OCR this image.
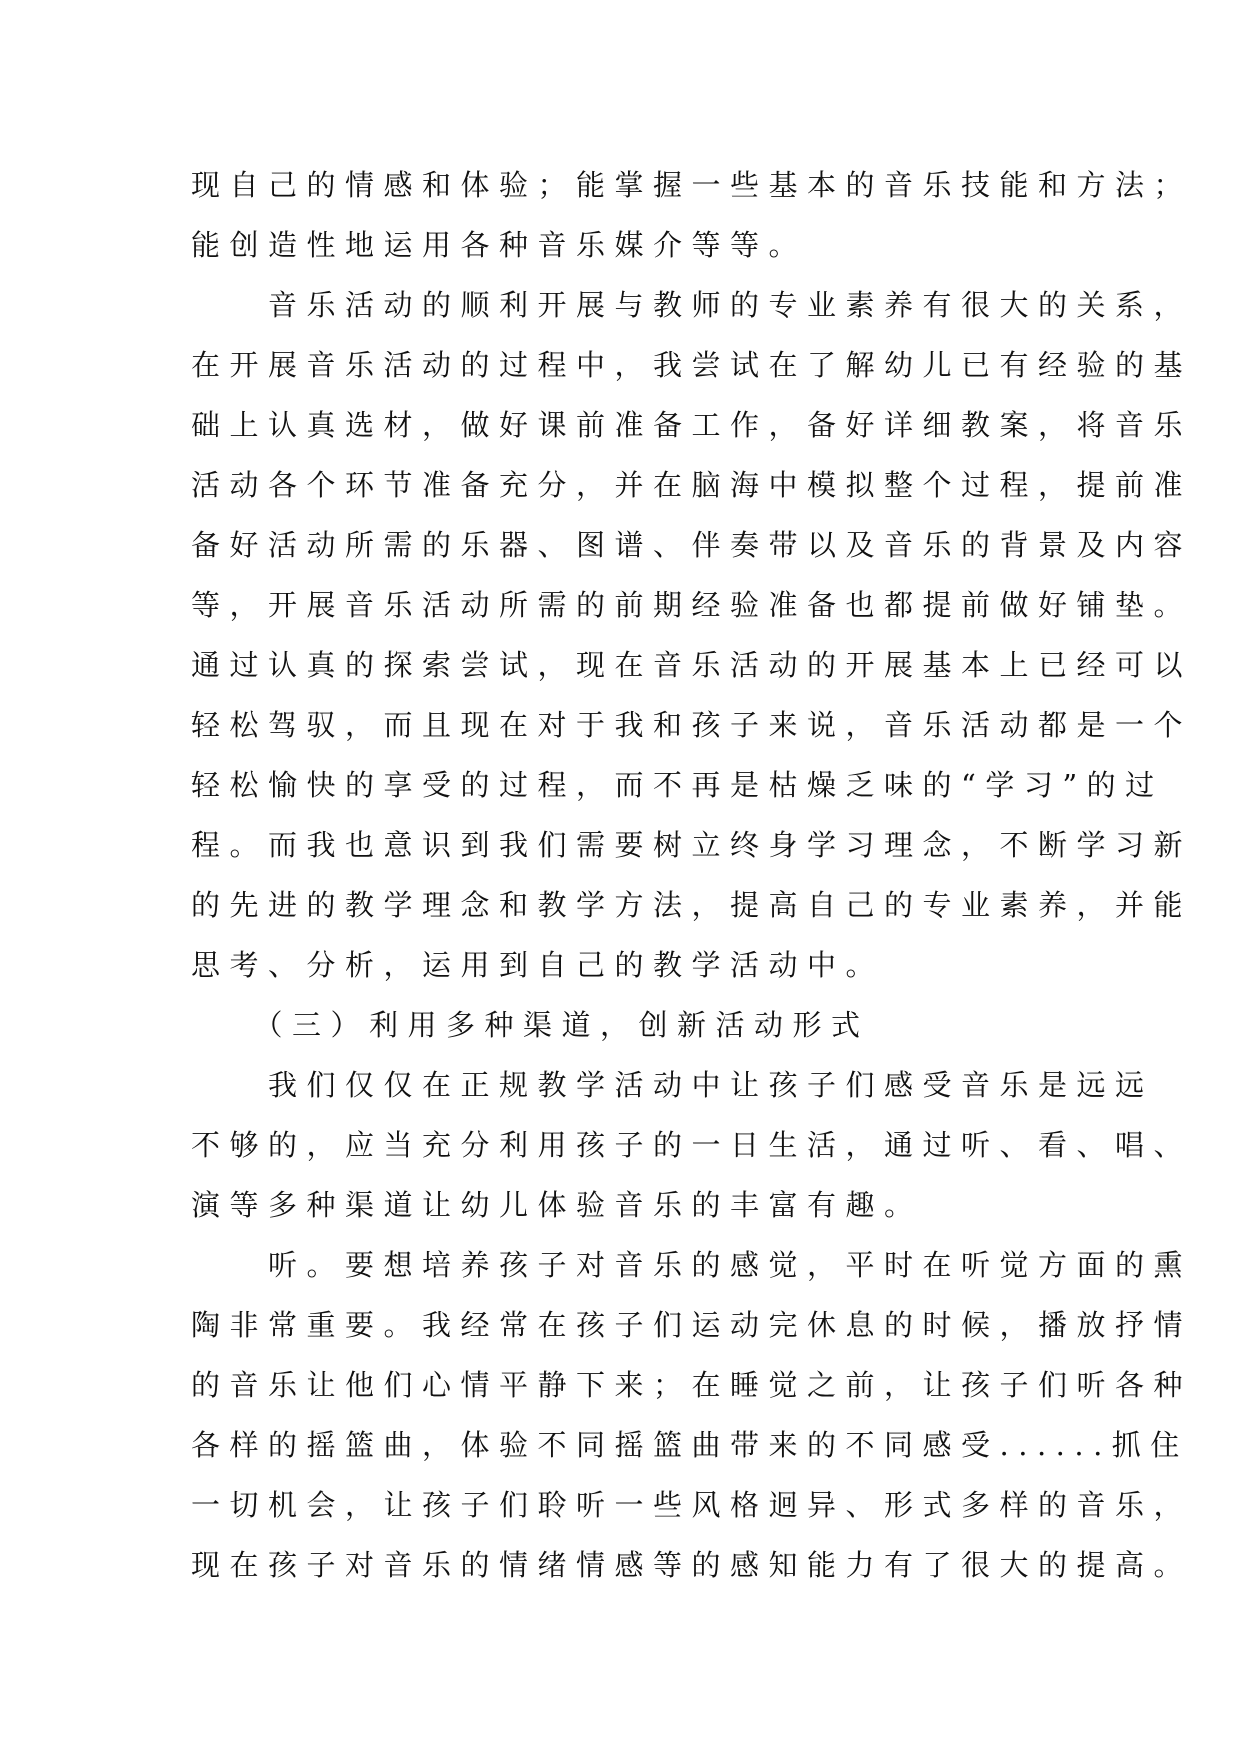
现自己的情感和体验；能掌握一些基本的音乐技能和方法；
能创造性地运用各种音乐媒介等等。
　　音乐活动的顺利开展与教师的专业素养有很大的关系，
在开展音乐活动的过程中，我尝试在了解幼儿已有经验的基
础上认真选材，做好课前准备工作，备好详细教案，将音乐
活动各个环节准备充分，并在脑海中模拟整个过程，提前准
备好活动所需的乐器、图谱、伴奏带以及音乐的背景及内容
等，开展音乐活动所需的前期经验准备也都提前做好铺垫。
通过认真的探索尝试，现在音乐活动的开展基本上已经可以
轻松驾驭，而且现在对于我和孩子来说，音乐活动都是一个
轻松愉快的享受的过程，而不再是枯燥乏味的“学习”的过
程。而我也意识到我们需要树立终身学习理念，不断学习新
的先进的教学理念和教学方法，提高自己的专业素养，并能
思考、分析，运用到自己的教学活动中。
　　（三）利用多种渠道，创新活动形式
　　我们仅仅在正规教学活动中让孩子们感受音乐是远远
不够的，应当充分利用孩子的一日生活，通过听、看、唱、
演等多种渠道让幼儿体验音乐的丰富有趣。
　　听。要想培养孩子对音乐的感觉，平时在听觉方面的熏
陶非常重要。我经常在孩子们运动完休息的时候，播放抒情
的音乐让他们心情平静下来；在睡觉之前，让孩子们听各种
各样的摇篮曲，体验不同摇篮曲带来的不同感受......抓住
一切机会，让孩子们聆听一些风格迥异、形式多样的音乐，
现在孩子对音乐的情绪情感等的感知能力有了很大的提高。
